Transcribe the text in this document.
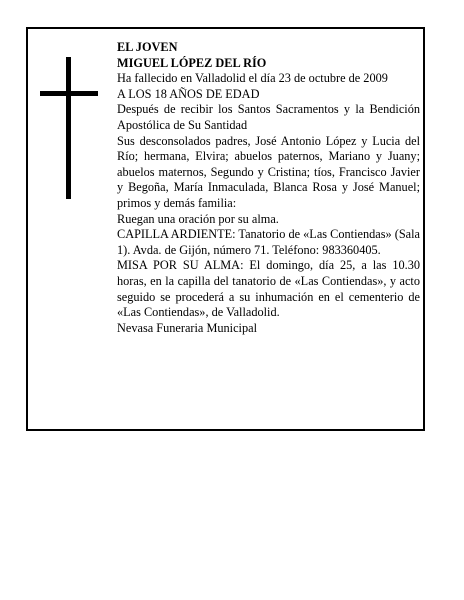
EL JOVEN

MIGUEL LÓPEZ DEL RÍO

Ha fallecido en Valladolid el día 23 de octubre de 2009

A LOS 18 AÑOS DE EDAD

Después de recibir los Santos Sacramentos y la Bendición Apostólica de Su Santidad

Sus desconsolados padres, José Antonio López y Lucia del Río; hermana, Elvira; abuelos paternos, Mariano y Juany; abuelos maternos, Segundo y Cristina; tíos, Francisco Javier y Begoña, María Inmaculada, Blanca Rosa y José Manuel; primos y demás familia:

Ruegan una oración por su alma.

CAPILLA ARDIENTE: Tanatorio de «Las Contiendas» (Sala 1). Avda. de Gijón, número 71. Teléfono: 983360405.

MISA POR SU ALMA: El domingo, día 25, a las 10.30 horas, en la capilla del tanatorio de «Las Contiendas», y acto seguido se procederá a su inhumación en el cementerio de «Las Contiendas», de Valladolid.

Nevasa Funeraria Municipal
